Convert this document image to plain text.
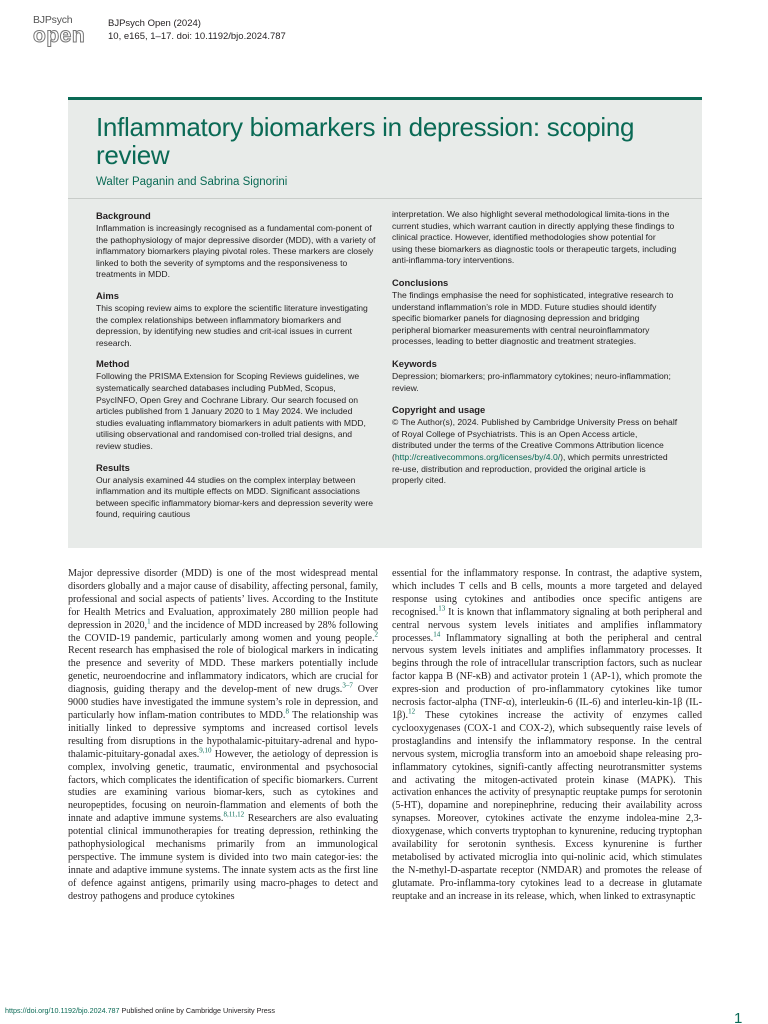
BJPsych
open
BJPsych Open (2024)
10, e165, 1–17. doi: 10.1192/bjo.2024.787
Inflammatory biomarkers in depression: scoping review
Walter Paganin and Sabrina Signorini
Background
Inflammation is increasingly recognised as a fundamental com-ponent of the pathophysiology of major depressive disorder (MDD), with a variety of inflammatory biomarkers playing pivotal roles. These markers are closely linked to both the severity of symptoms and the responsiveness to treatments in MDD.
Aims
This scoping review aims to explore the scientific literature investigating the complex relationships between inflammatory biomarkers and depression, by identifying new studies and crit-ical issues in current research.
Method
Following the PRISMA Extension for Scoping Reviews guidelines, we systematically searched databases including PubMed, Scopus, PsycINFO, Open Grey and Cochrane Library. Our search focused on articles published from 1 January 2020 to 1 May 2024. We included studies evaluating inflammatory biomarkers in adult patients with MDD, utilising observational and randomised con-trolled trial designs, and review studies.
Results
Our analysis examined 44 studies on the complex interplay between inflammation and its multiple effects on MDD. Significant associations between specific inflammatory biomar-kers and depression severity were found, requiring cautious
interpretation. We also highlight several methodological limita-tions in the current studies, which warrant caution in directly applying these findings to clinical practice. However, identified methodologies show potential for using these biomarkers as diagnostic tools or therapeutic targets, including anti-inflamma-tory interventions.
Conclusions
The findings emphasise the need for sophisticated, integrative research to understand inflammation’s role in MDD. Future studies should identify specific biomarker panels for diagnosing depression and bridging peripheral biomarker measurements with central neuroinflammatory processes, leading to better diagnostic and treatment strategies.
Keywords
Depression; biomarkers; pro-inflammatory cytokines; neuro-inflammation; review.
Copyright and usage
© The Author(s), 2024. Published by Cambridge University Press on behalf of Royal College of Psychiatrists. This is an Open Access article, distributed under the terms of the Creative Commons Attribution licence (http://creativecommons.org/licenses/by/4.0/), which permits unrestricted re-use, distribution and reproduction, provided the original article is properly cited.

Major depressive disorder (MDD) is one of the most widespread mental disorders globally and a major cause of disability, affecting personal, family, professional and social aspects of patients’ lives. According to the Institute for Health Metrics and Evaluation, approximately 280 million people had depression in 2020,$^1$ and the incidence of MDD increased by 28% following the COVID-19 pandemic, particularly among women and young people.$^2$ Recent research has emphasised the role of biological markers in indicating the presence and severity of MDD. These markers potentially include genetic, neuroendocrine and inflammatory indicators, which are crucial for diagnosis, guiding therapy and the develop-ment of new drugs.$^{3-7}$ Over 9000 studies have investigated the immune system’s role in depression, and particularly how inflam-mation contributes to MDD.$^8$ The relationship was initially linked to depressive symptoms and increased cortisol levels resulting from disruptions in the hypothalamic-pituitary-adrenal and hypo-thalamic-pituitary-gonadal axes.$^{9,10}$ However, the aetiology of depression is complex, involving genetic, traumatic, environmental and psychosocial factors, which complicates the identification of specific biomarkers. Current studies are examining various biomar-kers, such as cytokines and neuropeptides, focusing on neuroin-flammation and elements of both the innate and adaptive immune systems.$^{8,11,12}$ Researchers are also evaluating potential clinical immunotherapies for treating depression, rethinking the pathophysiological mechanisms primarily from an immunological perspective. The immune system is divided into two main categor-ies: the innate and adaptive immune systems. The innate system acts as the first line of defence against antigens, primarily using macro-phages to detect and destroy pathogens and produce cytokines

essential for the inflammatory response. In contrast, the adaptive system, which includes T cells and B cells, mounts a more targeted and delayed response using cytokines and antibodies once specific antigens are recognised.$^{13}$ It is known that inflammatory signaling at both peripheral and central nervous system levels initiates and amplifies inflammatory processes.$^{14}$ Inflammatory signalling at both the peripheral and central nervous system levels initiates and amplifies inflammatory processes. It begins through the role of intracellular transcription factors, such as nuclear factor kappa B (NF-κB) and activator protein 1 (AP-1), which promote the expres-sion and production of pro-inflammatory cytokines like tumor necrosis factor-alpha (TNF-α), interleukin-6 (IL-6) and interleu-kin-1β (IL-1β).$^{12}$ These cytokines increase the activity of enzymes called cyclooxygenases (COX-1 and COX-2), which subsequently raise levels of prostaglandins and intensify the inflammatory response. In the central nervous system, microglia transform into an amoeboid shape releasing pro-inflammatory cytokines, signifi-cantly affecting neurotransmitter systems and activating the mitogen-activated protein kinase (MAPK). This activation enhances the activity of presynaptic reuptake pumps for serotonin (5-HT), dopamine and norepinephrine, reducing their availability across synapses. Moreover, cytokines activate the enzyme indolea-mine 2,3-dioxygenase, which converts tryptophan to kynurenine, reducing tryptophan availability for serotonin synthesis. Excess kynurenine is further metabolised by activated microglia into qui-nolinic acid, which stimulates the N-methyl-D-aspartate receptor (NMDAR) and promotes the release of glutamate. Pro-inflamma-tory cytokines lead to a decrease in glutamate reuptake and an increase in its release, which, when linked to extrasynaptic

https://doi.org/10.1192/bjo.2024.787 Published online by Cambridge University Press	1
